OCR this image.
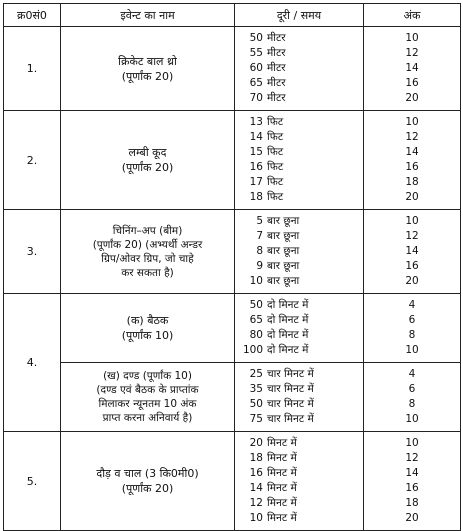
क्र0सं0	इवेन्ट का नाम	दूरी / समय	अंक
1.	क्रिकेट बाल थ्रो
(पूर्णांक 20)		

		50 मीटर	10
		55 मीटर	12
		60 मीटर	14
		65 मीटर	16
		70 मीटर	20

2.	लम्बी कूद
(पूर्णांक 20)		

		13 फिट	10
		14 फिट	12
		15 फिट	14
		16 फिट	16
		17 फिट	18
		18 फिट	20

3.	चिनिंग–अप (बीम)
(पूर्णांक 20) (अभ्यर्थी अन्डर
ग्रिप/ओवर ग्रिप, जो चाहे
कर सकता है)		

		5 बार छूना	10
		7 बार छूना	12
		8 बार छूना	14
		9 बार छूना	16
		10 बार छूना	20

4.	(क) बैठक
(पूर्णांक 10)		

		50 दो मिनट में	4
		65 दो मिनट में	6
		80 दो मिनट में	8
		100 दो मिनट में	10

	(ख) दण्ड (पूर्णांक 10)
(दण्ड एवं बैठक के प्राप्तांक
मिलाकर न्यूनतम 10 अंक
प्राप्त करना अनिवार्य है)		

		25 चार मिनट में	4
		35 चार मिनट में	6
		50 चार मिनट में	8
		75 चार मिनट में	10

5.	दौड़ व चाल (3 कि0मी0)
(पूर्णांक 20)		

		20 मिनट में	10
		18 मिनट में	12
		16 मिनट में	14
		14 मिनट में	16
		12 मिनट में	18
		10 मिनट में	20
